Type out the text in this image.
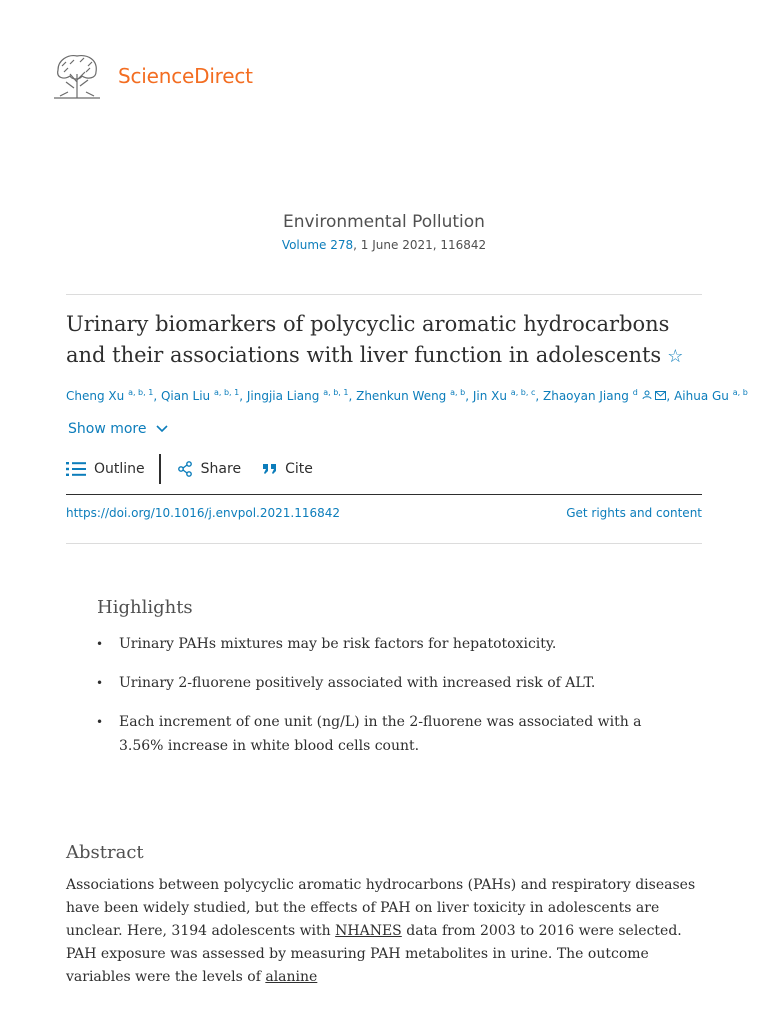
ScienceDirect
Environmental Pollution
Volume 278, 1 June 2021, 116842
Urinary biomarkers of polycyclic aromatic hydrocarbons and their associations with liver function in adolescents ☆
Cheng Xu $^{a, b, 1}$, Qian Liu $^{a, b, 1}$, Jingjia Liang $^{a, b, 1}$, Zhenkun Weng $^{a, b}$, Jin Xu $^{a, b, c}$, Zhaoyan Jiang $^d$ , Aihua Gu $^{a, b}$
Show more
Outline	Share	Cite
https://doi.org/10.1016/j.envpol.2021.116842	Get rights and content
Highlights
• Urinary PAHs mixtures may be risk factors for hepatotoxicity.
• Urinary 2-fluorene positively associated with increased risk of ALT.
• Each increment of one unit (ng/L) in the 2-fluorene was associated with a 3.56% increase in white blood cells count.
Abstract

Associations between polycyclic aromatic hydrocarbons (PAHs) and respiratory diseases have been widely studied, but the effects of PAH on liver toxicity in adolescents are unclear. Here, 3194 adolescents with NHANES data from 2003 to 2016 were selected. PAH exposure was assessed by measuring PAH metabolites in urine. The outcome variables were the levels of alanine
